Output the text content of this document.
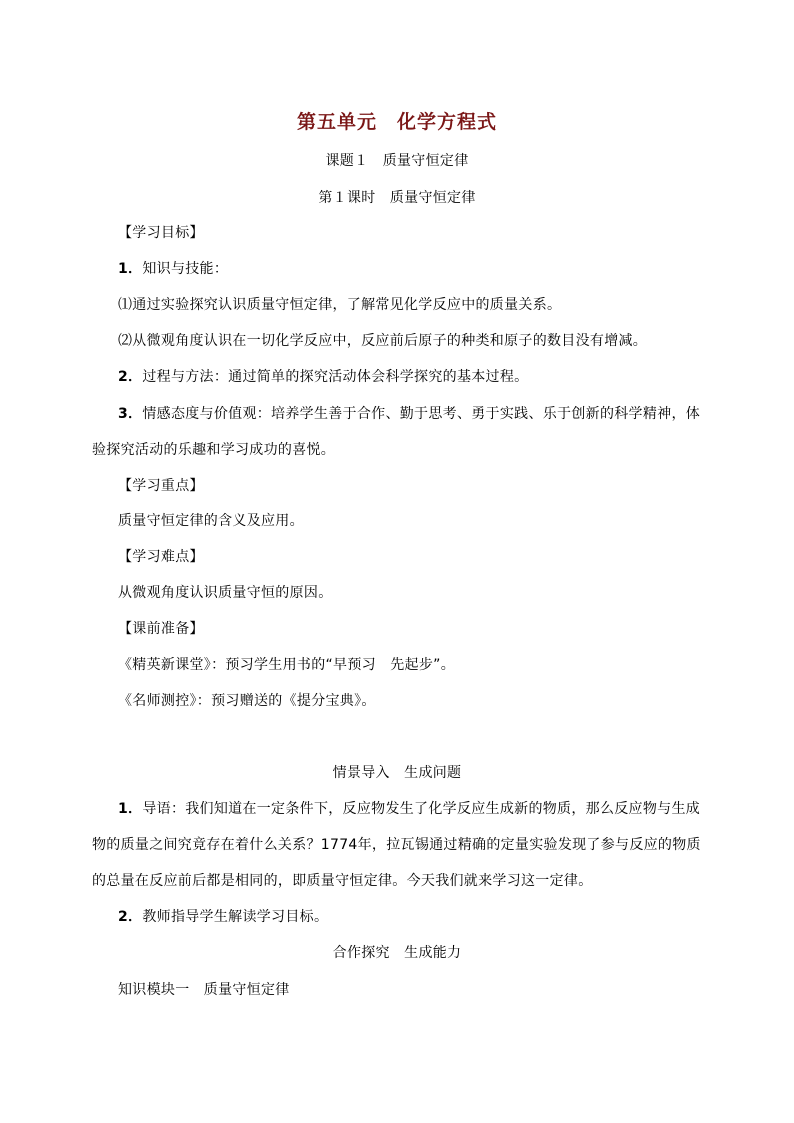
第五单元　化学方程式
课题１　质量守恒定律
第１课时　质量守恒定律
【学习目标】
1．知识与技能：
⑴通过实验探究认识质量守恒定律，了解常见化学反应中的质量关系。
⑵从微观角度认识在一切化学反应中，反应前后原子的种类和原子的数目没有增减。
2．过程与方法：通过简单的探究活动体会科学探究的基本过程。
3．情感态度与价值观：培养学生善于合作、勤于思考、勇于实践、乐于创新的科学精神，体
验探究活动的乐趣和学习成功的喜悦。
【学习重点】
质量守恒定律的含义及应用。
【学习难点】
从微观角度认识质量守恒的原因。
【课前准备】
《精英新课堂》：预习学生用书的“早预习　先起步”。
《名师测控》：预习赠送的《提分宝典》。
情景导入　生成问题
1．导语：我们知道在一定条件下，反应物发生了化学反应生成新的物质，那么反应物与生成
物的质量之间究竟存在着什么关系？1774年，拉瓦锡通过精确的定量实验发现了参与反应的物质
的总量在反应前后都是相同的，即质量守恒定律。今天我们就来学习这一定律。
2．教师指导学生解读学习目标。
合作探究　生成能力
知识模块一　质量守恒定律
